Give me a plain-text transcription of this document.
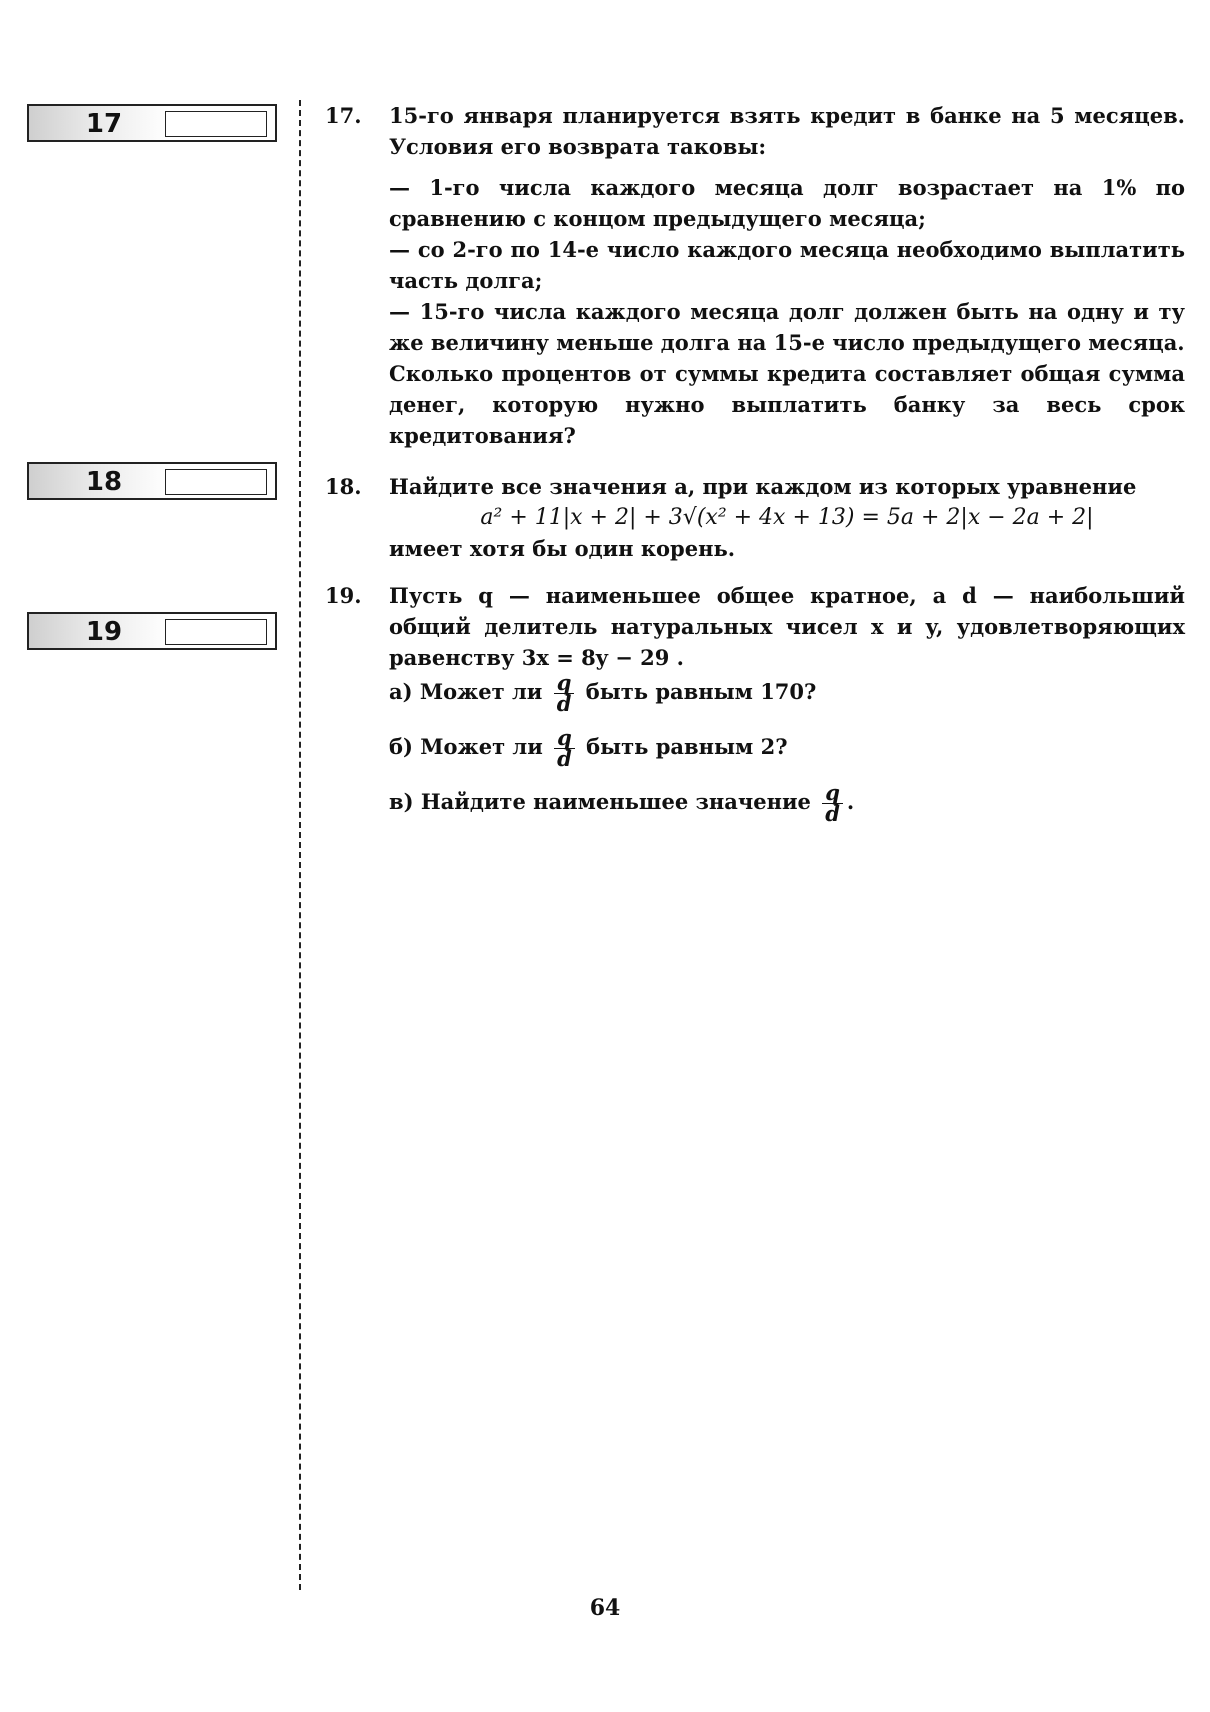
17
18
19
17. 15-го января планируется взять кредит в банке на 5 месяцев. Условия его возврата таковы:

— 1-го числа каждого месяца долг возрастает на 1% по сравнению с концом предыдущего месяца;

— со 2-го по 14-е число каждого месяца необходимо выплатить часть долга;

— 15-го числа каждого месяца долг должен быть на одну и ту же величину меньше долга на 15-е число предыдущего месяца.

Сколько процентов от суммы кредита составляет общая сумма денег, которую нужно выплатить банку за весь срок кредитования?

18. Найдите все значения a, при каждом из которых уравнение

a² + 11|x + 2| + 3√(x² + 4x + 13) = 5a + 2|x − 2a + 2|

имеет хотя бы один корень.

19. Пусть q — наименьшее общее кратное, а d — наибольший общий делитель натуральных чисел x и y, удовлетворяющих равенству 3x = 8y − 29 .

а) Может ли $\frac{q}{d}$ быть равным 170?

б) Может ли $\frac{q}{d}$ быть равным 2?

в) Найдите наименьшее значение $\frac{q}{d}$ .

64
